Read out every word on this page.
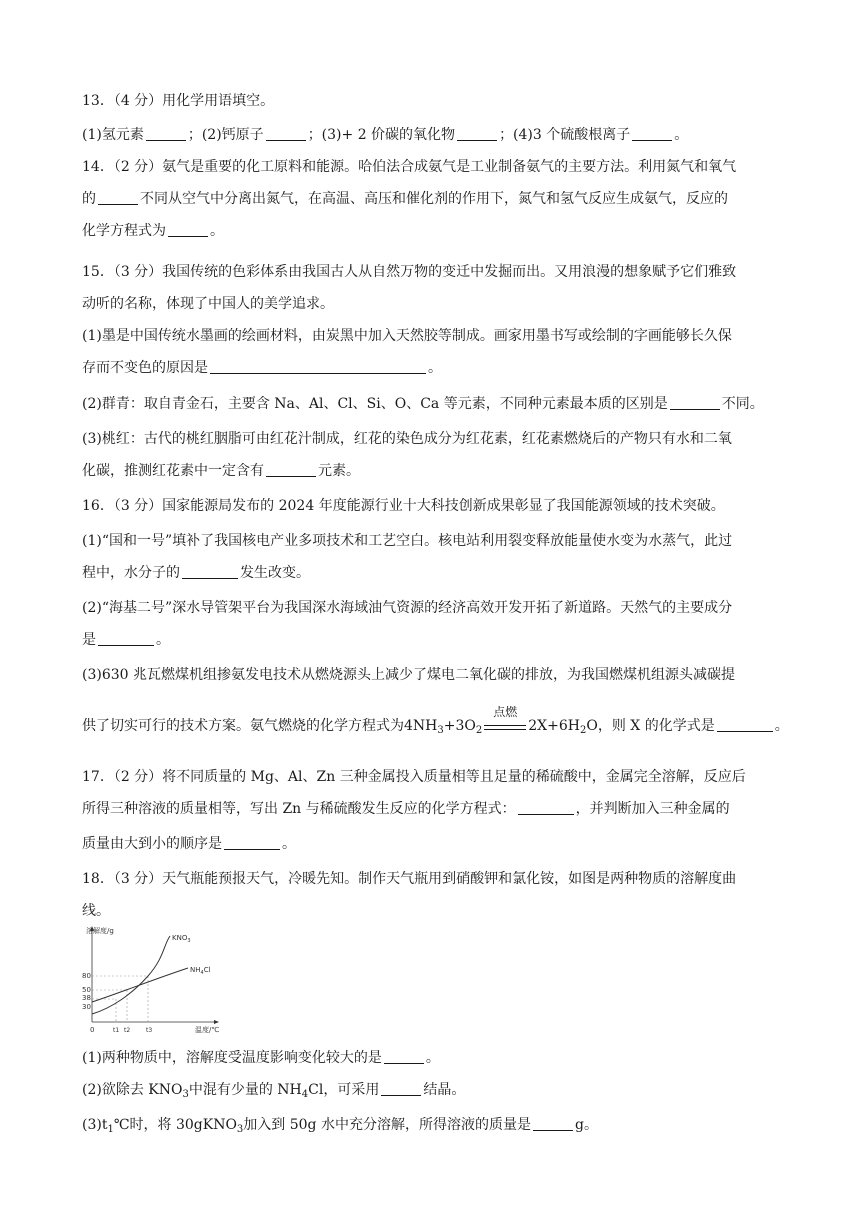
13．（4 分）用化学用语填空。
(1)氢元素	；(2)钙原子	；(3)+ 2 价碳的氧化物	；(4)3 个硫酸根离子	。
14．（2 分）氨气是重要的化工原料和能源。哈伯法合成氨气是工业制备氨气的主要方法。利用氮气和氧气
的	不同从空气中分离出氮气，在高温、高压和催化剂的作用下，氮气和氢气反应生成氨气，反应的
化学方程式为	。
15．（3 分）我国传统的色彩体系由我国古人从自然万物的变迁中发掘而出。又用浪漫的想象赋予它们雅致
动听的名称，体现了中国人的美学追求。
(1)墨是中国传统水墨画的绘画材料，由炭黑中加入天然胶等制成。画家用墨书写或绘制的字画能够长久保
存而不变色的原因是	。
(2)群青：取自青金石，主要含 Na、Al、Cl、Si、O、Ca 等元素，不同种元素最本质的区别是	不同。
(3)桃红：古代的桃红胭脂可由红花汁制成，红花的染色成分为红花素，红花素燃烧后的产物只有水和二氧
化碳，推测红花素中一定含有	元素。
16．（3 分）国家能源局发布的 2024 年度能源行业十大科技创新成果彰显了我国能源领域的技术突破。
(1)“国和一号”填补了我国核电产业多项技术和工艺空白。核电站利用裂变释放能量使水变为水蒸气，此过
程中，水分子的	发生改变。
(2)“海基二号”深水导管架平台为我国深水海域油气资源的经济高效开发开拓了新道路。天然气的主要成分
是	。
(3)630 兆瓦燃煤机组掺氨发电技术从燃烧源头上减少了煤电二氧化碳的排放，为我国燃煤机组源头减碳提
供了切实可行的技术方案。氨气燃烧的化学方程式为$4NH_3+3O_2$
点燃
$2X+6H_2O$，则 X 的化学式是	。
17．（2 分）将不同质量的 Mg、Al、Zn 三种金属投入质量相等且足量的稀硫酸中，金属完全溶解，反应后
所得三种溶液的质量相等，写出 Zn 与稀硫酸发生反应的化学方程式：	，并判断加入三种金属的
质量由大到小的顺序是	。
18．（3 分）天气瓶能预报天气，冷暖先知。制作天气瓶用到硝酸钾和氯化铵，如图是两种物质的溶解度曲
线。
溶解度/g
温度/℃
0
80
50
38
30
t1 t2	t3
$KNO_3$
$NH_4Cl$
(1)两种物质中，溶解度受温度影响变化较大的是	。
(2)欲除去 $KNO_3$中混有少量的 $NH_4Cl$，可采用	结晶。
$(3)t_1℃$时，将 30gKNO$_3$加入到 50g 水中充分溶解，所得溶液的质量是	g。
